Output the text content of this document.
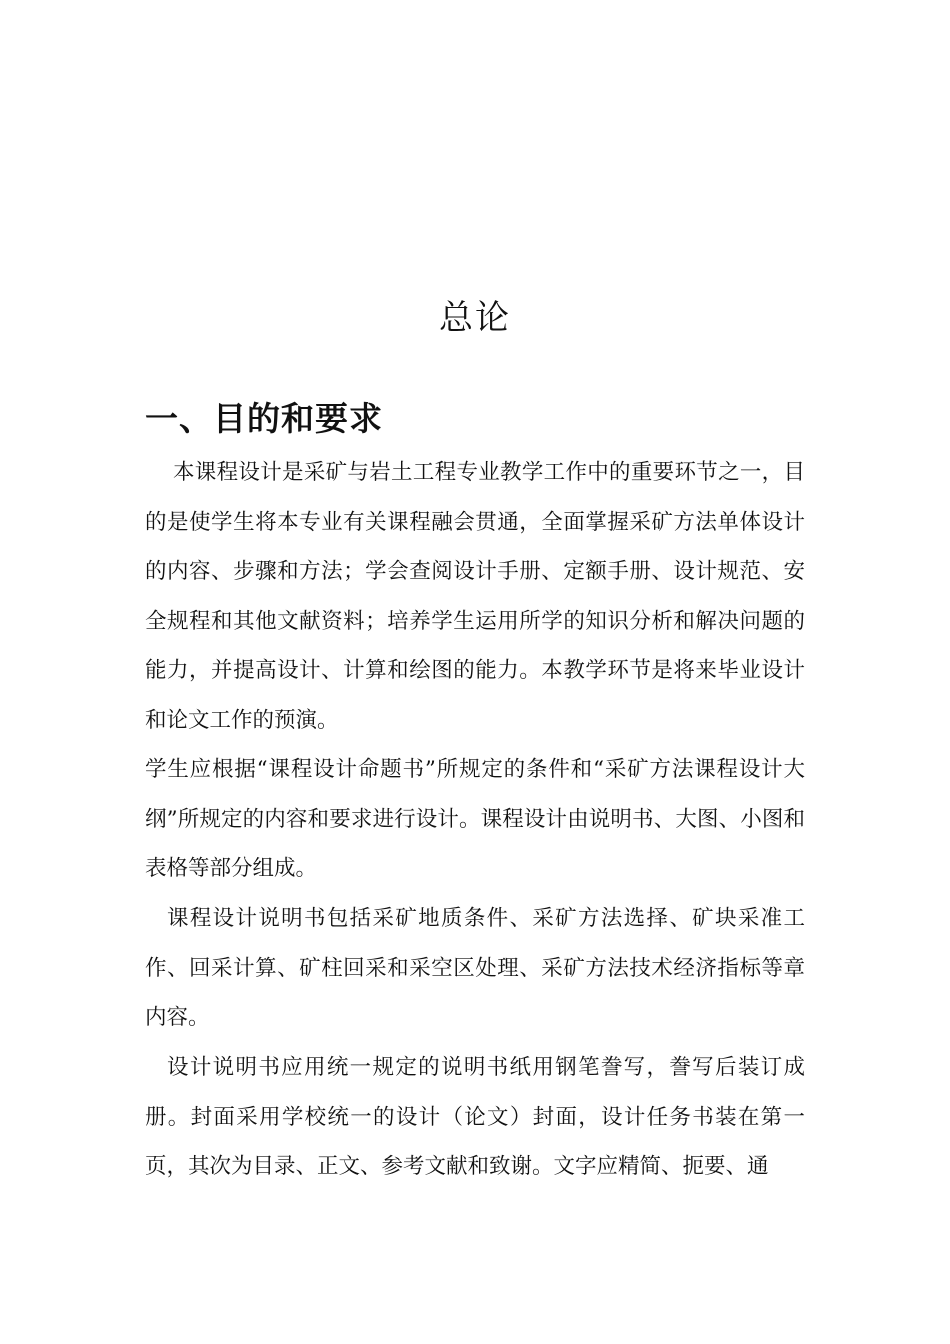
总论
一、目的和要求
本课程设计是采矿与岩土工程专业教学工作中的重要环节之一，目的是使学生将本专业有关课程融会贯通，全面掌握采矿方法单体设计的内容、步骤和方法；学会查阅设计手册、定额手册、设计规范、安全规程和其他文献资料；培养学生运用所学的知识分析和解决问题的能力，并提高设计、计算和绘图的能力。本教学环节是将来毕业设计和论文工作的预演。
学生应根据“课程设计命题书”所规定的条件和“采矿方法课程设计大纲”所规定的内容和要求进行设计。课程设计由说明书、大图、小图和表格等部分组成。
课程设计说明书包括采矿地质条件、采矿方法选择、矿块采准工作、回采计算、矿柱回采和采空区处理、采矿方法技术经济指标等章内容。
设计说明书应用统一规定的说明书纸用钢笔誊写，誊写后装订成册。封面采用学校统一的设计（论文）封面，设计任务书装在第一页，其次为目录、正文、参考文献和致谢。文字应精简、扼要、通
